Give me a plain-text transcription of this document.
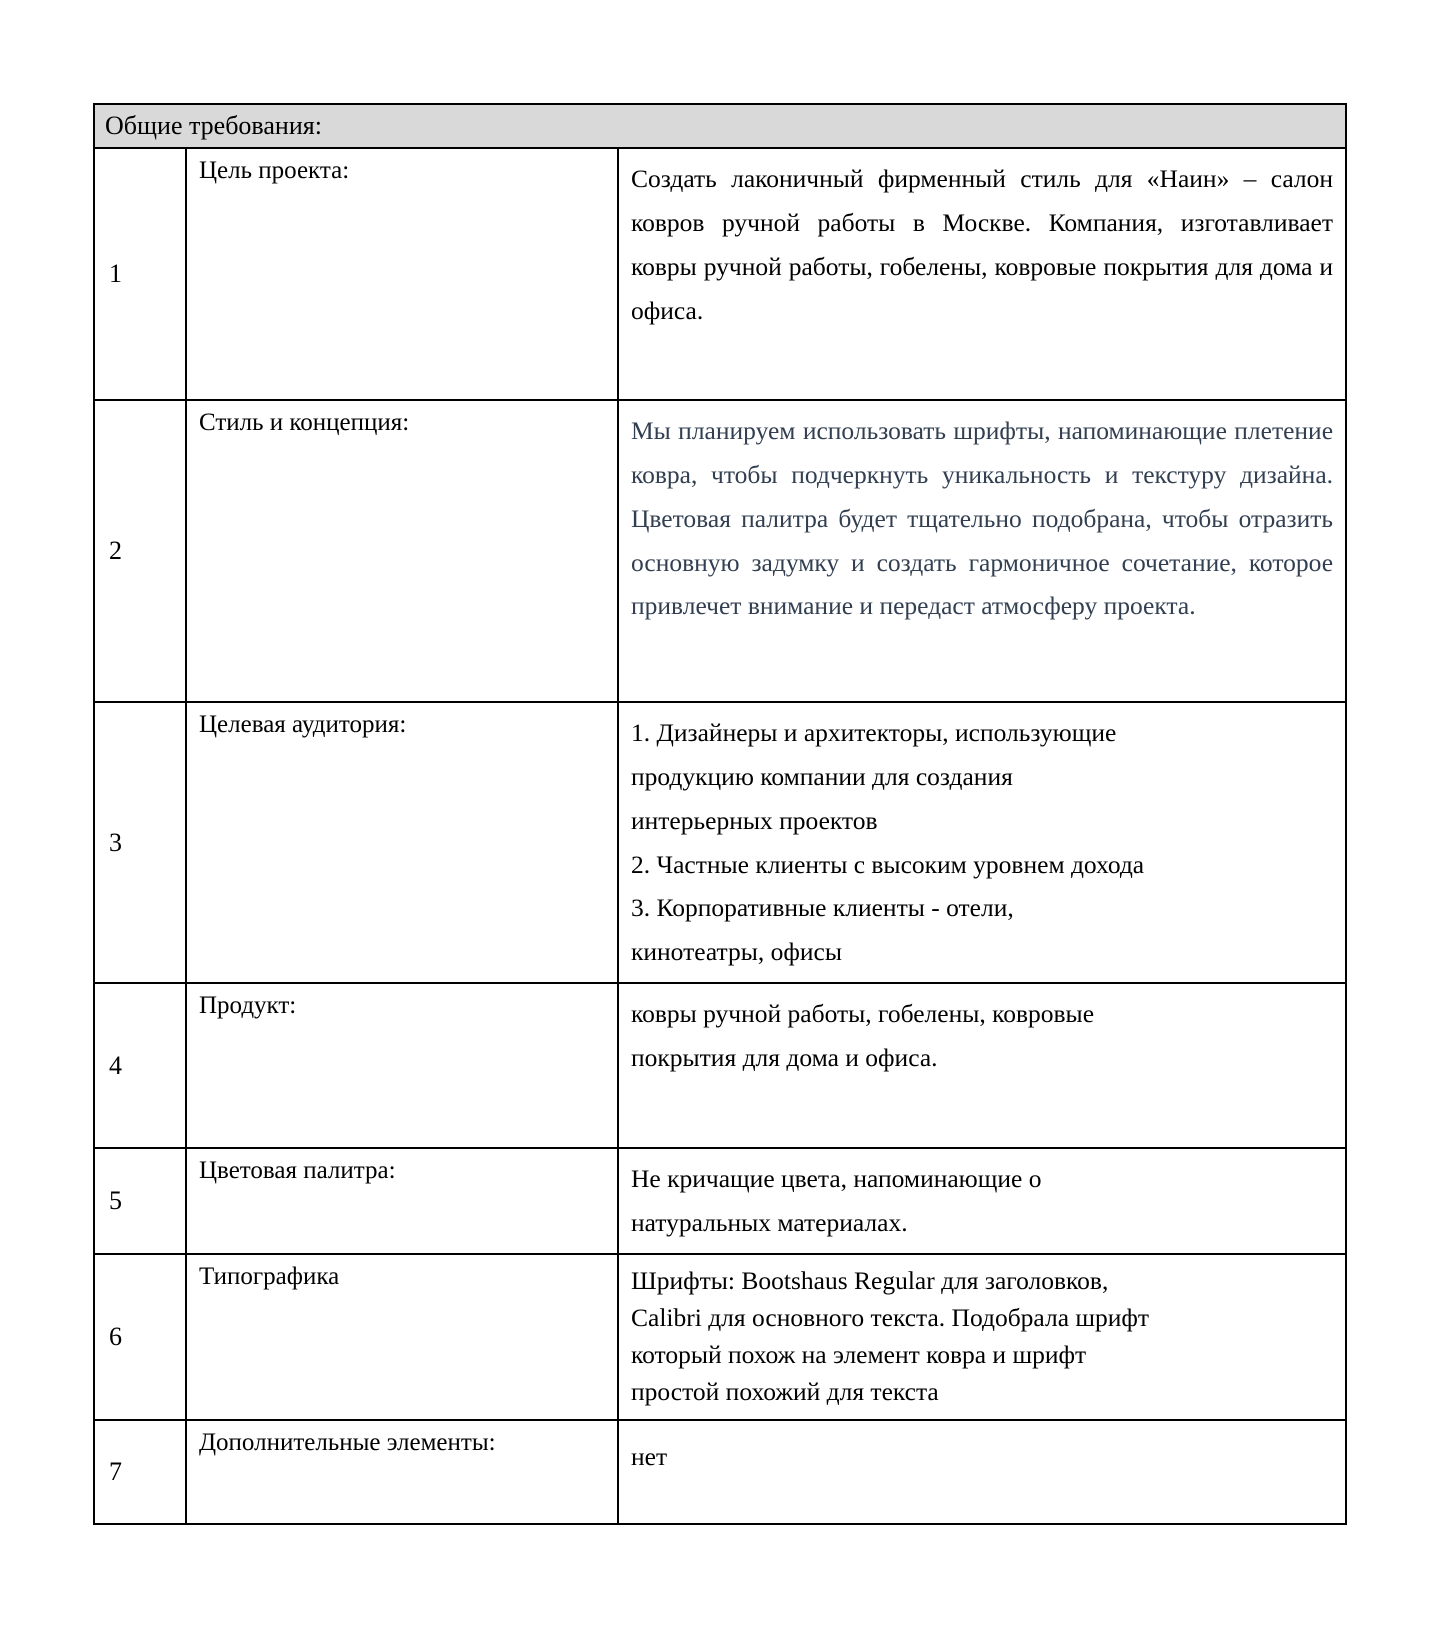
Общие требования:		
1	Цель проекта:	Создать лаконичный фирменный стиль для «Наин» – салон ковров ручной работы в Москве. Компания, изготавливает ковры ручной работы, гобелены, ковровые покрытия для дома и офиса.

2	Стиль и концепция:	Мы планируем использовать шрифты, напоминающие плетение ковра, чтобы подчеркнуть уникальность и текстуру дизайна. Цветовая палитра будет тщательно подобрана, чтобы отразить основную задумку и создать гармоничное сочетание, которое привлечет внимание и передаст атмосферу проекта.

3	Целевая аудитория:	1. Дизайнеры и архитекторы, использующие
продукцию компании для создания
интерьерных проектов
2. Частные клиенты с высоким уровнем дохода
3. Корпоративные клиенты - отели,
кинотеатры, офисы

4	Продукт:	ковры ручной работы, гобелены, ковровые
покрытия для дома и офиса.

5	Цветовая палитра:	Не кричащие цвета, напоминающие о
натуральных материалах.

6	Типографика	Шрифты: Bootshaus Regular для заголовков,
Calibri для основного текста. Подобрала шрифт
который похож на элемент ковра и шрифт
простой похожий для текста

7	Дополнительные элементы:	нет
